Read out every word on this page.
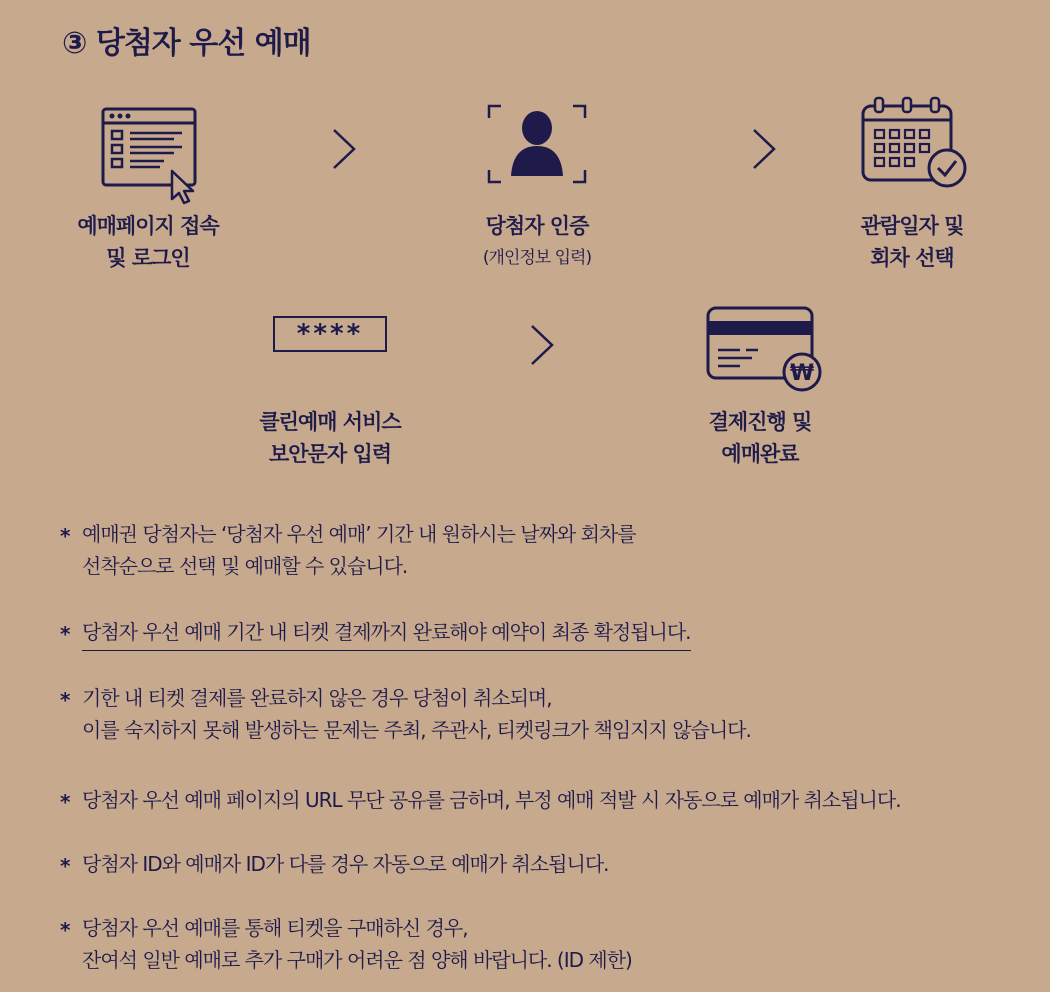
③ 당첨자 우선 예매
예매페이지 접속
및 로그인
당첨자 인증
(개인정보 입력)
관람일자 및
회차 선택
****
₩
클린예매 서비스
보안문자 입력
결제진행 및
예매완료
* 예매권 당첨자는 ‘당첨자 우선 예매’ 기간 내 원하시는 날짜와 회차를
선착순으로 선택 및 예매할 수 있습니다.
* 당첨자 우선 예매 기간 내 티켓 결제까지 완료해야 예약이 최종 확정됩니다.
* 기한 내 티켓 결제를 완료하지 않은 경우 당첨이 취소되며,
이를 숙지하지 못해 발생하는 문제는 주최, 주관사, 티켓링크가 책임지지 않습니다.
* 당첨자 우선 예매 페이지의 URL 무단 공유를 금하며, 부정 예매 적발 시 자동으로 예매가 취소됩니다.
* 당첨자 ID와 예매자 ID가 다를 경우 자동으로 예매가 취소됩니다.
* 당첨자 우선 예매를 통해 티켓을 구매하신 경우,
잔여석 일반 예매로 추가 구매가 어려운 점 양해 바랍니다. (ID 제한)
